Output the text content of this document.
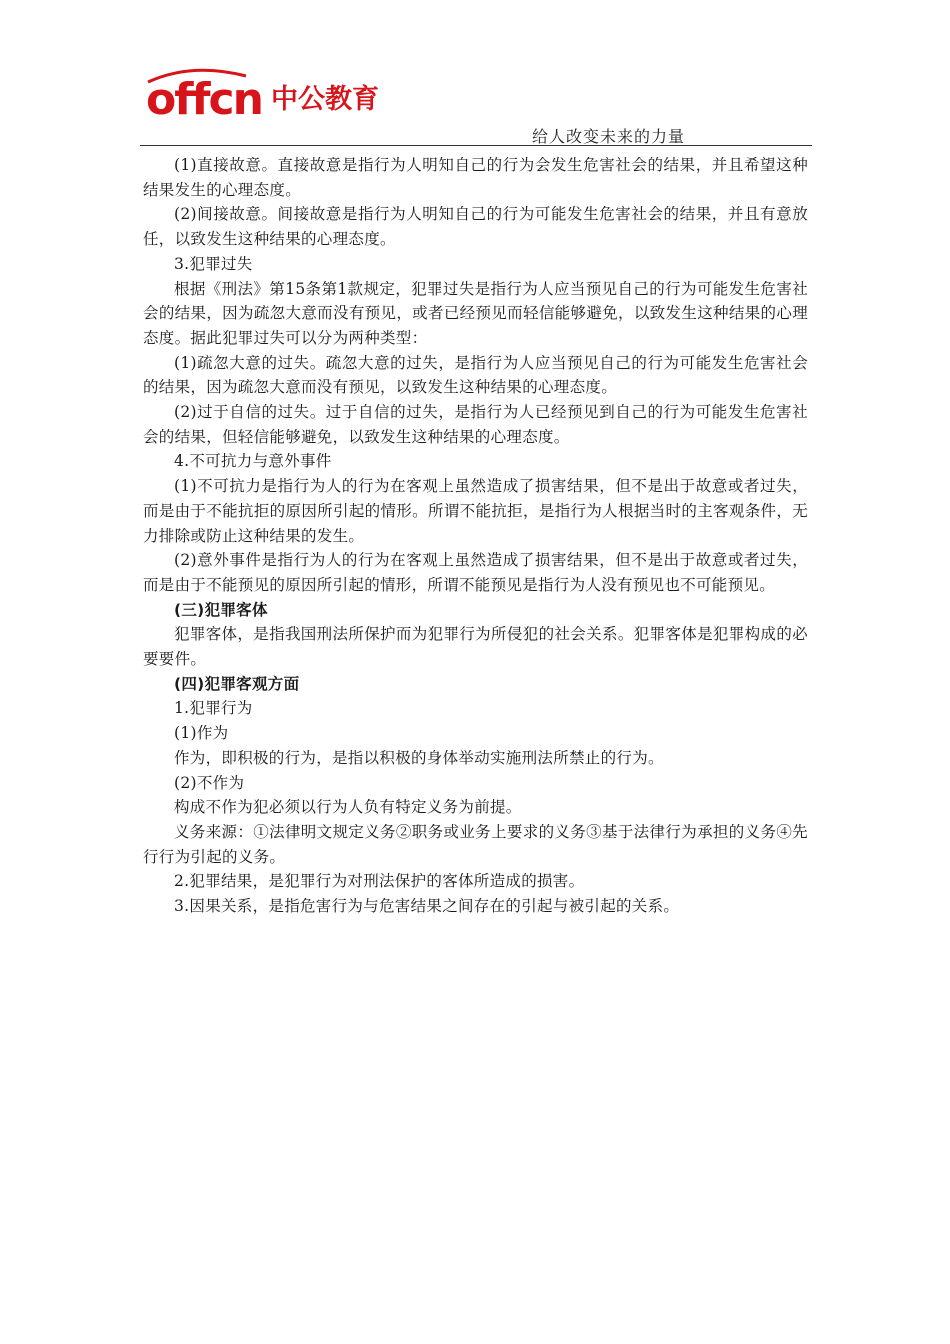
offcn 中公教育
给人改变未来的力量

(1)直接故意。直接故意是指行为人明知自己的行为会发生危害社会的结果，并且希望这种结果发生的心理态度。

(2)间接故意。间接故意是指行为人明知自己的行为可能发生危害社会的结果，并且有意放任，以致发生这种结果的心理态度。

3.犯罪过失

根据《刑法》第15条第1款规定，犯罪过失是指行为人应当预见自己的行为可能发生危害社会的结果，因为疏忽大意而没有预见，或者已经预见而轻信能够避免，以致发生这种结果的心理态度。据此犯罪过失可以分为两种类型：

(1)疏忽大意的过失。疏忽大意的过失，是指行为人应当预见自己的行为可能发生危害社会的结果，因为疏忽大意而没有预见，以致发生这种结果的心理态度。

(2)过于自信的过失。过于自信的过失，是指行为人已经预见到自己的行为可能发生危害社会的结果，但轻信能够避免，以致发生这种结果的心理态度。

4.不可抗力与意外事件

(1)不可抗力是指行为人的行为在客观上虽然造成了损害结果，但不是出于故意或者过失，而是由于不能抗拒的原因所引起的情形。所谓不能抗拒，是指行为人根据当时的主客观条件，无力排除或防止这种结果的发生。

(2)意外事件是指行为人的行为在客观上虽然造成了损害结果，但不是出于故意或者过失，而是由于不能预见的原因所引起的情形，所谓不能预见是指行为人没有预见也不可能预见。

(三)犯罪客体

犯罪客体，是指我国刑法所保护而为犯罪行为所侵犯的社会关系。犯罪客体是犯罪构成的必要要件。

(四)犯罪客观方面

1.犯罪行为

(1)作为

作为，即积极的行为，是指以积极的身体举动实施刑法所禁止的行为。

(2)不作为

构成不作为犯必须以行为人负有特定义务为前提。

义务来源：①法律明文规定义务②职务或业务上要求的义务③基于法律行为承担的义务④先行行为引起的义务。

2.犯罪结果，是犯罪行为对刑法保护的客体所造成的损害。

3.因果关系，是指危害行为与危害结果之间存在的引起与被引起的关系。
